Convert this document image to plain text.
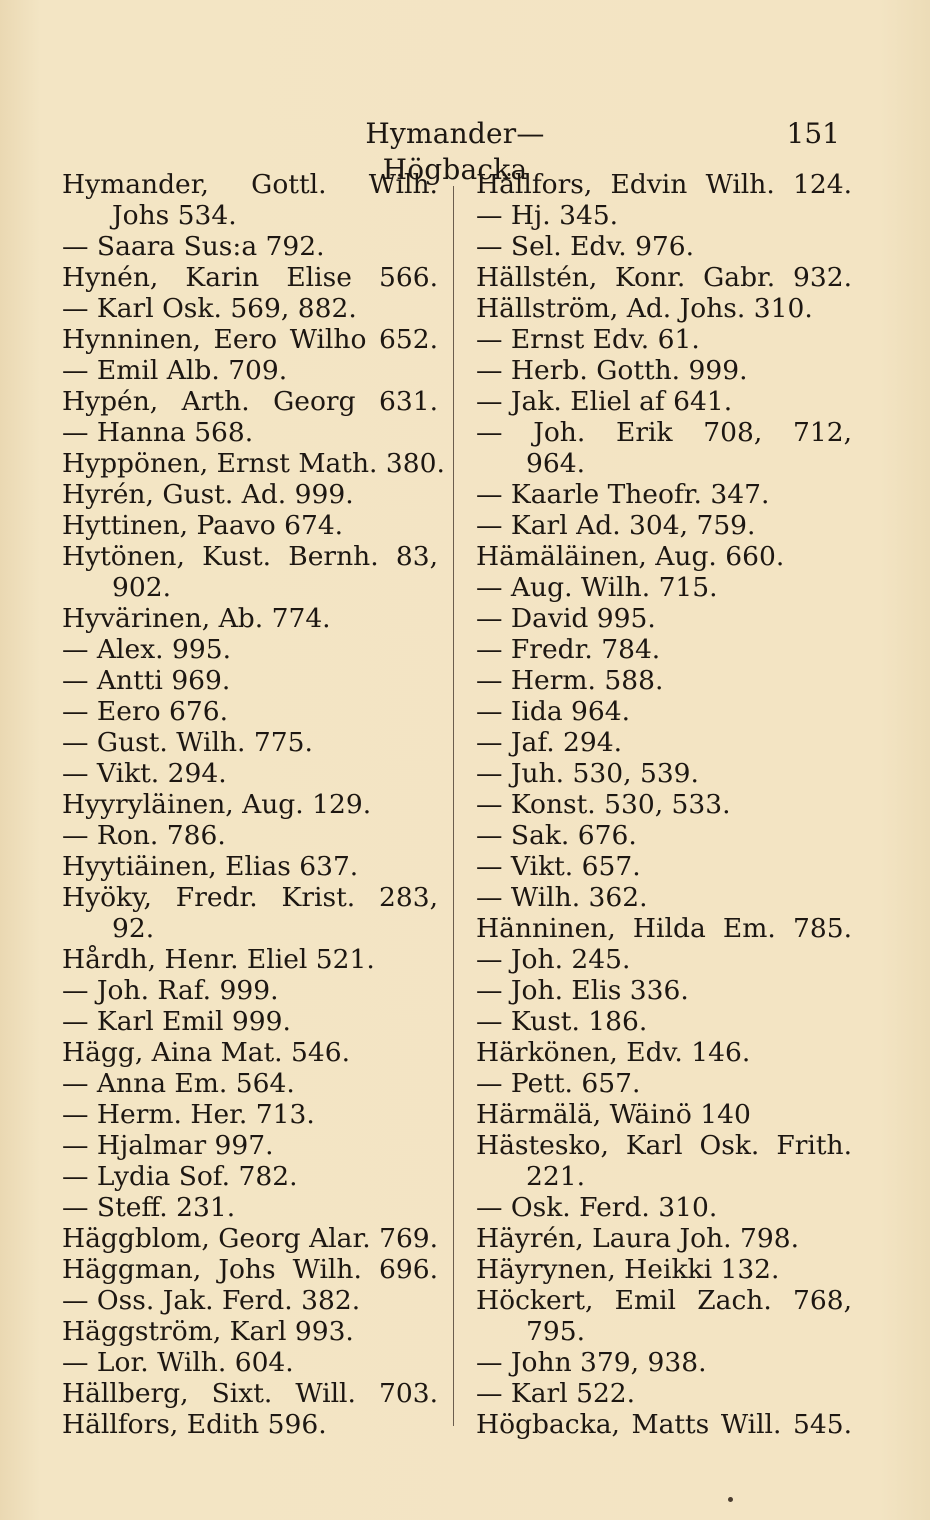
Hymander—Högbacka
151
Hymander, Gottl. Wilh.
Johs 534.
— Saara Sus:a 792.
Hynén, Karin Elise 566.
— Karl Osk. 569, 882.
Hynninen, Eero Wilho 652.
— Emil Alb. 709.
Hypén, Arth. Georg 631.
— Hanna 568.
Hyppönen, Ernst Math. 380.
Hyrén, Gust. Ad. 999.
Hyttinen, Paavo 674.
Hytönen, Kust. Bernh. 83,
902.
Hyvärinen, Ab. 774.
— Alex. 995.
— Antti 969.
— Eero 676.
— Gust. Wilh. 775.
— Vikt. 294.
Hyyryläinen, Aug. 129.
— Ron. 786.
Hyytiäinen, Elias 637.
Hyöky, Fredr. Krist. 283,
92.
Hårdh, Henr. Eliel 521.
— Joh. Raf. 999.
— Karl Emil 999.
Hägg, Aina Mat. 546.
— Anna Em. 564.
— Herm. Her. 713.
— Hjalmar 997.
— Lydia Sof. 782.
— Steff. 231.
Häggblom, Georg Alar. 769.
Häggman, Johs Wilh. 696.
— Oss. Jak. Ferd. 382.
Häggström, Karl 993.
— Lor. Wilh. 604.
Hällberg, Sixt. Will. 703.
Hällfors, Edith 596.
Hällfors, Edvin Wilh. 124.
— Hj. 345.
— Sel. Edv. 976.
Hällstén, Konr. Gabr. 932.
Hällström, Ad. Johs. 310.
— Ernst Edv. 61.
— Herb. Gotth. 999.
— Jak. Eliel af 641.
— Joh. Erik 708, 712,
964.
— Kaarle Theofr. 347.
— Karl Ad. 304, 759.
Hämäläinen, Aug. 660.
— Aug. Wilh. 715.
— David 995.
— Fredr. 784.
— Herm. 588.
— Iida 964.
— Jaf. 294.
— Juh. 530, 539.
— Konst. 530, 533.
— Sak. 676.
— Vikt. 657.
— Wilh. 362.
Hänninen, Hilda Em. 785.
— Joh. 245.
— Joh. Elis 336.
— Kust. 186.
Härkönen, Edv. 146.
— Pett. 657.
Härmälä, Wäinö 140
Hästesko, Karl Osk. Frith.
221.
— Osk. Ferd. 310.
Häyrén, Laura Joh. 798.
Häyrynen, Heikki 132.
Höckert, Emil Zach. 768,
795.
— John 379, 938.
— Karl 522.
Högbacka, Matts Will. 545.
